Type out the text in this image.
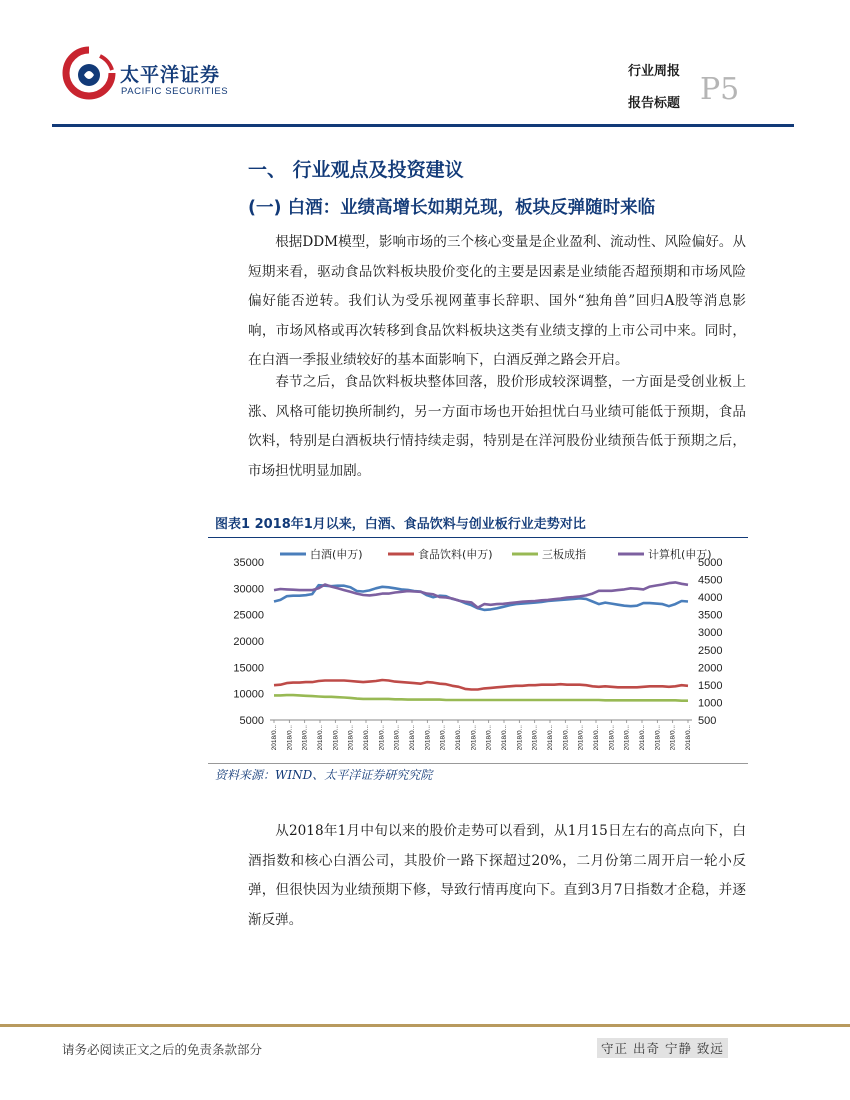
太平洋证券
PACIFIC SECURITIES
行业周报
报告标题 P5
一、 行业观点及投资建议
(一) 白酒：业绩高增长如期兑现，板块反弹随时来临

根据DDM模型，影响市场的三个核心变量是企业盈利、流动性、风险偏好。从短期来看，驱动食品饮料板块股价变化的主要是因素是业绩能否超预期和市场风险偏好能否逆转。我们认为受乐视网董事长辞职、国外“独角兽”回归A股等消息影响，市场风格或再次转移到食品饮料板块这类有业绩支撑的上市公司中来。同时，在白酒一季报业绩较好的基本面影响下，白酒反弹之路会开启。

春节之后，食品饮料板块整体回落，股价形成较深调整，一方面是受创业板上涨、风格可能切换所制约，另一方面市场也开始担忧白马业绩可能低于预期，食品饮料，特别是白酒板块行情持续走弱，特别是在洋河股份业绩预告低于预期之后，市场担忧明显加剧。

图表1 2018年1月以来，白酒、食品饮料与创业板行业走势对比
5000
10000
15000
20000
25000
30000
35000
500
1000
1500
2000
2500
3000
3500
4000
4500
5000
2018/0... 2018/0... 2018/0... 2018/0... 2018/0... 2018/0... 2018/0... 2018/0... 2018/0... 2018/0... 2018/0... 2018/0... 2018/0... 2018/0... 2018/0... 2018/0... 2018/0... 2018/0... 2018/0... 2018/0... 2018/0... 2018/0... 2018/0... 2018/0... 2018/0... 2018/0... 2018/0... 2018/0...
白酒(申万)	食品饮料(申万)	三板成指	计算机(申万)
资料来源：WIND、太平洋证券研究究院

从2018年1月中旬以来的股价走势可以看到，从1月15日左右的高点向下，白酒指数和核心白酒公司，其股价一路下探超过20%，二月份第二周开启一轮小反弹，但很快因为业绩预期下修，导致行情再度向下。直到3月7日指数才企稳，并逐渐反弹。

请务必阅读正文之后的免责条款部分	守正 出奇 宁静 致远
